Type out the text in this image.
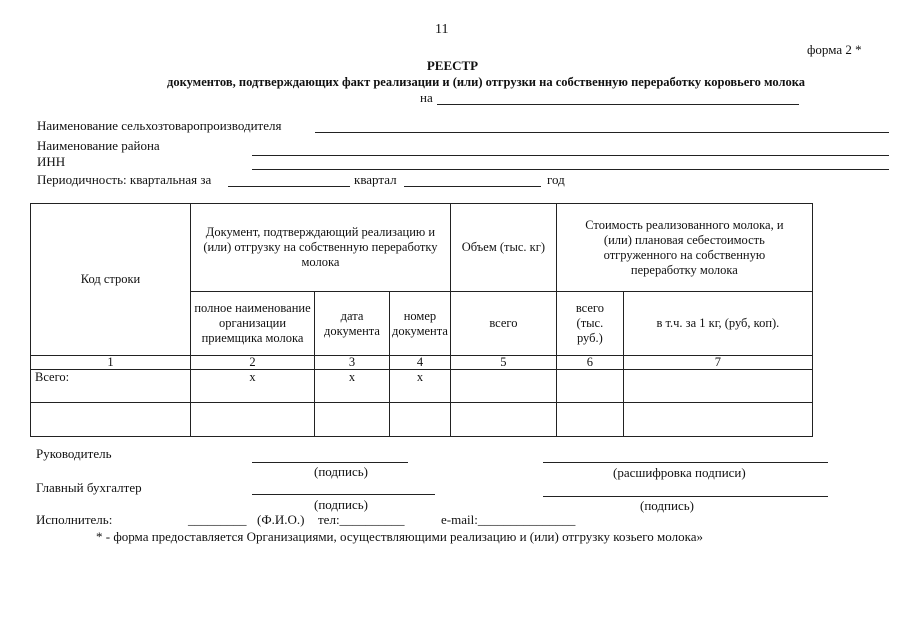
11
форма 2 *
РЕЕСТР
документов, подтверждающих факт реализации и (или) отгрузки на собственную переработку коровьего молока
на
Наименование сельхозтоваропроизводителя
Наименование района
ИНН
Периодичность: квартальная за	квартал	год
Код строки	Документ, подтверждающий реализацию и (или) отгрузку на собственную переработку молока			Объем (тыс. кг)	Стоимость реализованного молока, и (или) плановая себестоимость отгруженного на собственную переработку молока	
	полное наименование организации приемщика молока	дата документа	номер документа	всего	всего (тыс. руб.)	в т.ч. за 1 кг, (руб, коп).
1	2	3	4	5	6	7
Всего:	x	x	x			

Руководитель
(подпись)	(расшифровка подписи)
Главный бухгалтер
(подпись)	(подпись)
Исполнитель:	_________ (Ф.И.О.) тел:__________	e-mail:_______________
* - форма предоставляется Организациями, осуществляющими реализацию и (или) отгрузку козьего молока»
